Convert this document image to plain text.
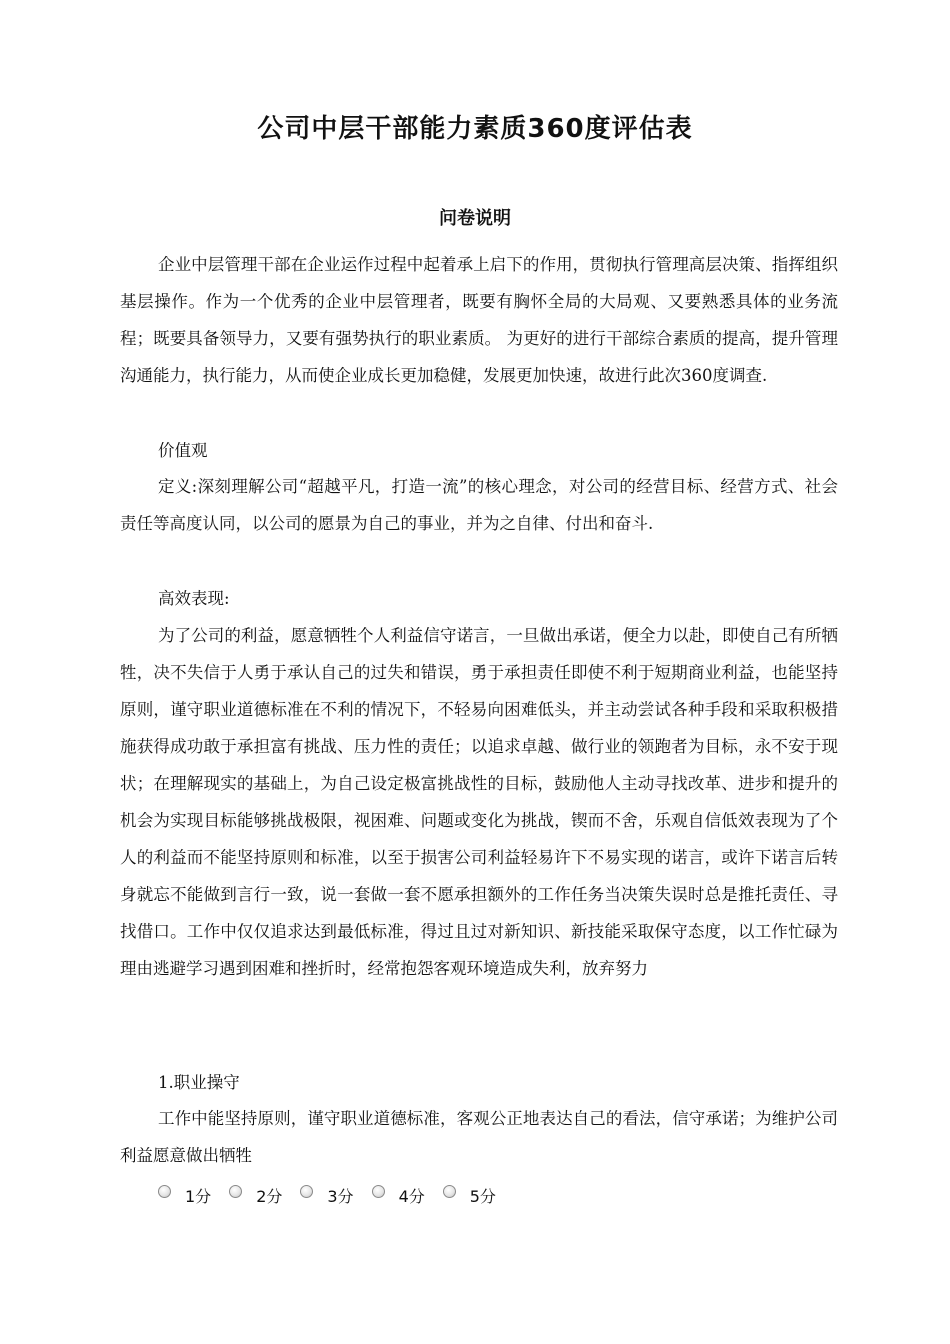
公司中层干部能力素质360度评估表
问卷说明

企业中层管理干部在企业运作过程中起着承上启下的作用，贯彻执行管理高层决策、指挥组织基层操作。作为一个优秀的企业中层管理者，既要有胸怀全局的大局观、又要熟悉具体的业务流程；既要具备领导力，又要有强势执行的职业素质。 为更好的进行干部综合素质的提高，提升管理沟通能力，执行能力，从而使企业成长更加稳健，发展更加快速，故进行此次360度调查.

价值观

定义:深刻理解公司“超越平凡，打造一流”的核心理念，对公司的经营目标、经营方式、社会责任等高度认同，以公司的愿景为自己的事业，并为之自律、付出和奋斗.

高效表现:

为了公司的利益，愿意牺牲个人利益信守诺言，一旦做出承诺，便全力以赴，即使自己有所牺牲，决不失信于人勇于承认自己的过失和错误，勇于承担责任即使不利于短期商业利益，也能坚持原则，谨守职业道德标准在不利的情况下，不轻易向困难低头，并主动尝试各种手段和采取积极措施获得成功敢于承担富有挑战、压力性的责任；以追求卓越、做行业的领跑者为目标，永不安于现状；在理解现实的基础上，为自己设定极富挑战性的目标，鼓励他人主动寻找改革、进步和提升的机会为实现目标能够挑战极限，视困难、问题或变化为挑战，锲而不舍，乐观自信低效表现为了个人的利益而不能坚持原则和标准，以至于损害公司利益轻易许下不易实现的诺言，或许下诺言后转身就忘不能做到言行一致，说一套做一套不愿承担额外的工作任务当决策失误时总是推托责任、寻找借口。工作中仅仅追求达到最低标准，得过且过对新知识、新技能采取保守态度，以工作忙碌为理由逃避学习遇到困难和挫折时，经常抱怨客观环境造成失利，放弃努力

1.职业操守

工作中能坚持原则，谨守职业道德标准，客观公正地表达自己的看法，信守承诺；为维护公司利益愿意做出牺牲

1分	2分	3分	4分	5分
